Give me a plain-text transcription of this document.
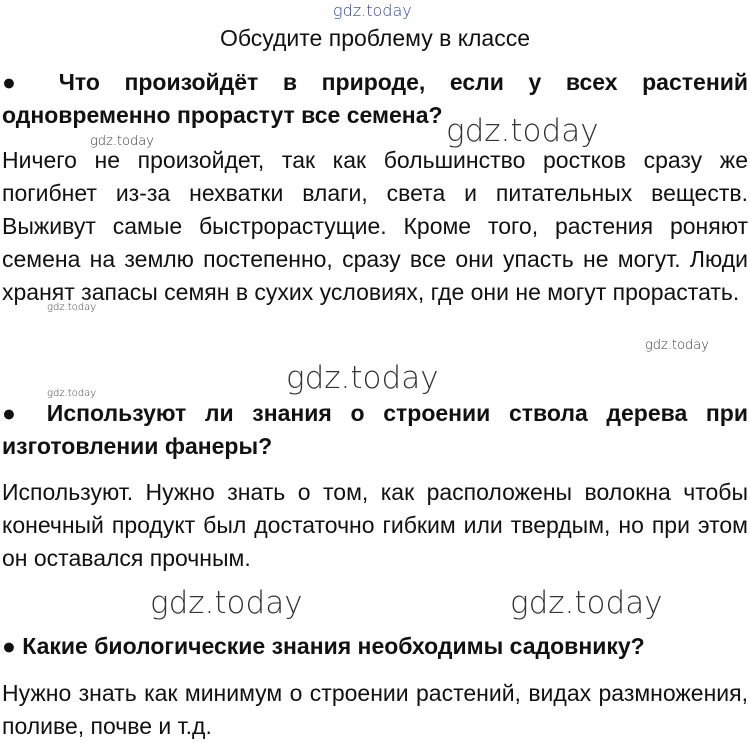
gdz.today
Обсудите проблему в классе

● Что произойдёт в природе, если у всех растений одновременно прорастут все семена?

Ничего не произойдет, так как большинство ростков сразу же погибнет из-за нехватки влаги, света и питательных веществ. Выживут самые быстрорастущие. Кроме того, растения роняют семена на землю постепенно, сразу все они упасть не могут. Люди хранят запасы семян в сухих условиях, где они не могут прорастать.

● Используют ли знания о строении ствола дерева при изготовлении фанеры?

Используют. Нужно знать о том, как расположены волокна чтобы конечный продукт был достаточно гибким или твердым, но при этом он оставался прочным.

● Какие биологические знания необходимы садовнику?

Нужно знать как минимум о строении растений, видах размножения, поливе, почве и т.д.

gdz.today
gdz.today
gdz.today
gdz.today
gdz.today
gdz.today
gdz.today	gdz.today
